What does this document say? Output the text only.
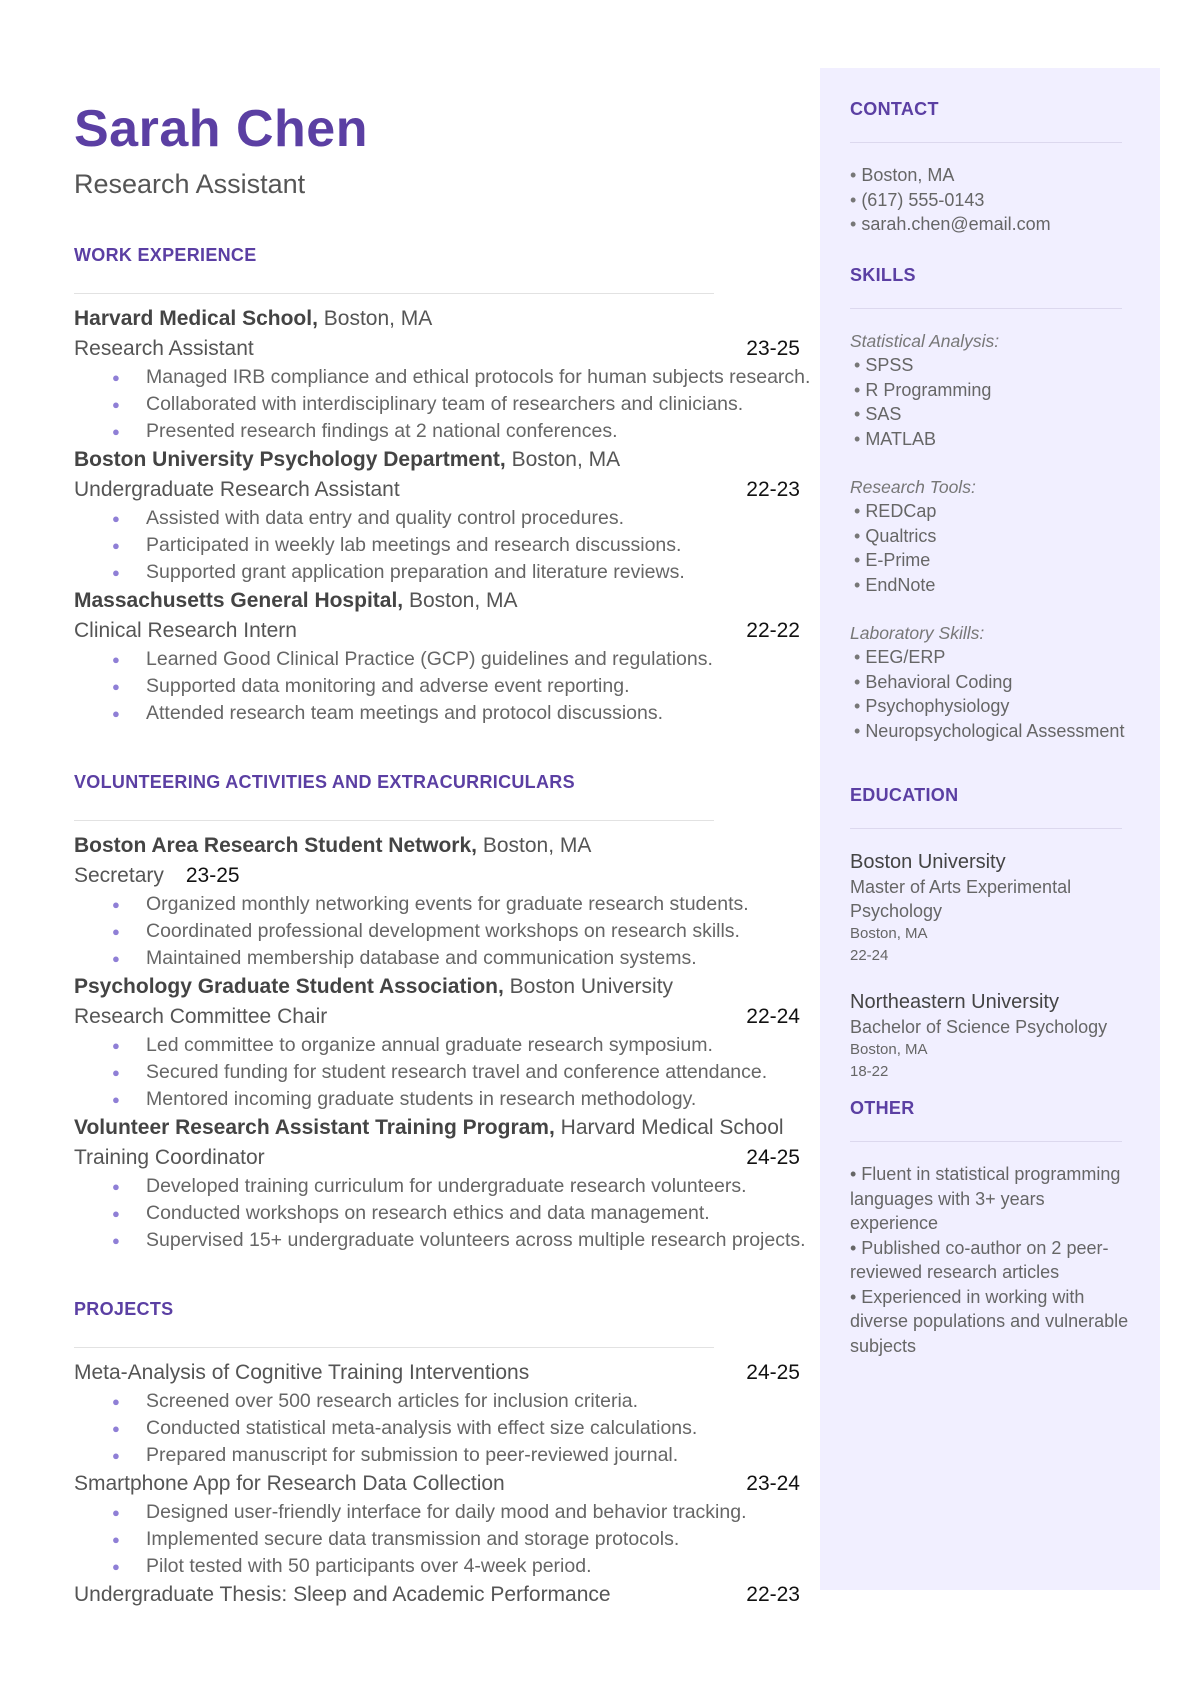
Sarah Chen
Research Assistant
WORK EXPERIENCE
Harvard Medical School, Boston, MA
Research Assistant	23-25
● Managed IRB compliance and ethical protocols for human subjects research.
● Collaborated with interdisciplinary team of researchers and clinicians.
● Presented research findings at 2 national conferences.
Boston University Psychology Department, Boston, MA
Undergraduate Research Assistant	22-23
● Assisted with data entry and quality control procedures.
● Participated in weekly lab meetings and research discussions.
● Supported grant application preparation and literature reviews.
Massachusetts General Hospital, Boston, MA
Clinical Research Intern	22-22
● Learned Good Clinical Practice (GCP) guidelines and regulations.
● Supported data monitoring and adverse event reporting.
● Attended research team meetings and protocol discussions.
VOLUNTEERING ACTIVITIES AND EXTRACURRICULARS
Boston Area Research Student Network, Boston, MA
Secretary 23-25
● Organized monthly networking events for graduate research students.
● Coordinated professional development workshops on research skills.
● Maintained membership database and communication systems.
Psychology Graduate Student Association, Boston University
Research Committee Chair	22-24
● Led committee to organize annual graduate research symposium.
● Secured funding for student research travel and conference attendance.
● Mentored incoming graduate students in research methodology.
Volunteer Research Assistant Training Program, Harvard Medical School
Training Coordinator	24-25
● Developed training curriculum for undergraduate research volunteers.
● Conducted workshops on research ethics and data management.
● Supervised 15+ undergraduate volunteers across multiple research projects.
PROJECTS
Meta-Analysis of Cognitive Training Interventions	24-25
● Screened over 500 research articles for inclusion criteria.
● Conducted statistical meta-analysis with effect size calculations.
● Prepared manuscript for submission to peer-reviewed journal.
Smartphone App for Research Data Collection	23-24
● Designed user-friendly interface for daily mood and behavior tracking.
● Implemented secure data transmission and storage protocols.
● Pilot tested with 50 participants over 4-week period.
Undergraduate Thesis: Sleep and Academic Performance	22-23
CONTACT
• Boston, MA
• (617) 555-0143
• sarah.chen@email.com
SKILLS
Statistical Analysis:
• SPSS
• R Programming
• SAS
• MATLAB
Research Tools:
• REDCap
• Qualtrics
• E-Prime
• EndNote
Laboratory Skills:
• EEG/ERP
• Behavioral Coding
• Psychophysiology
• Neuropsychological Assessment
EDUCATION
Boston University
Master of Arts Experimental Psychology
Boston, MA
22-24
Northeastern University
Bachelor of Science Psychology
Boston, MA
18-22
OTHER
• Fluent in statistical programming languages with 3+ years experience
• Published co-author on 2 peer-reviewed research articles
• Experienced in working with diverse populations and vulnerable subjects
